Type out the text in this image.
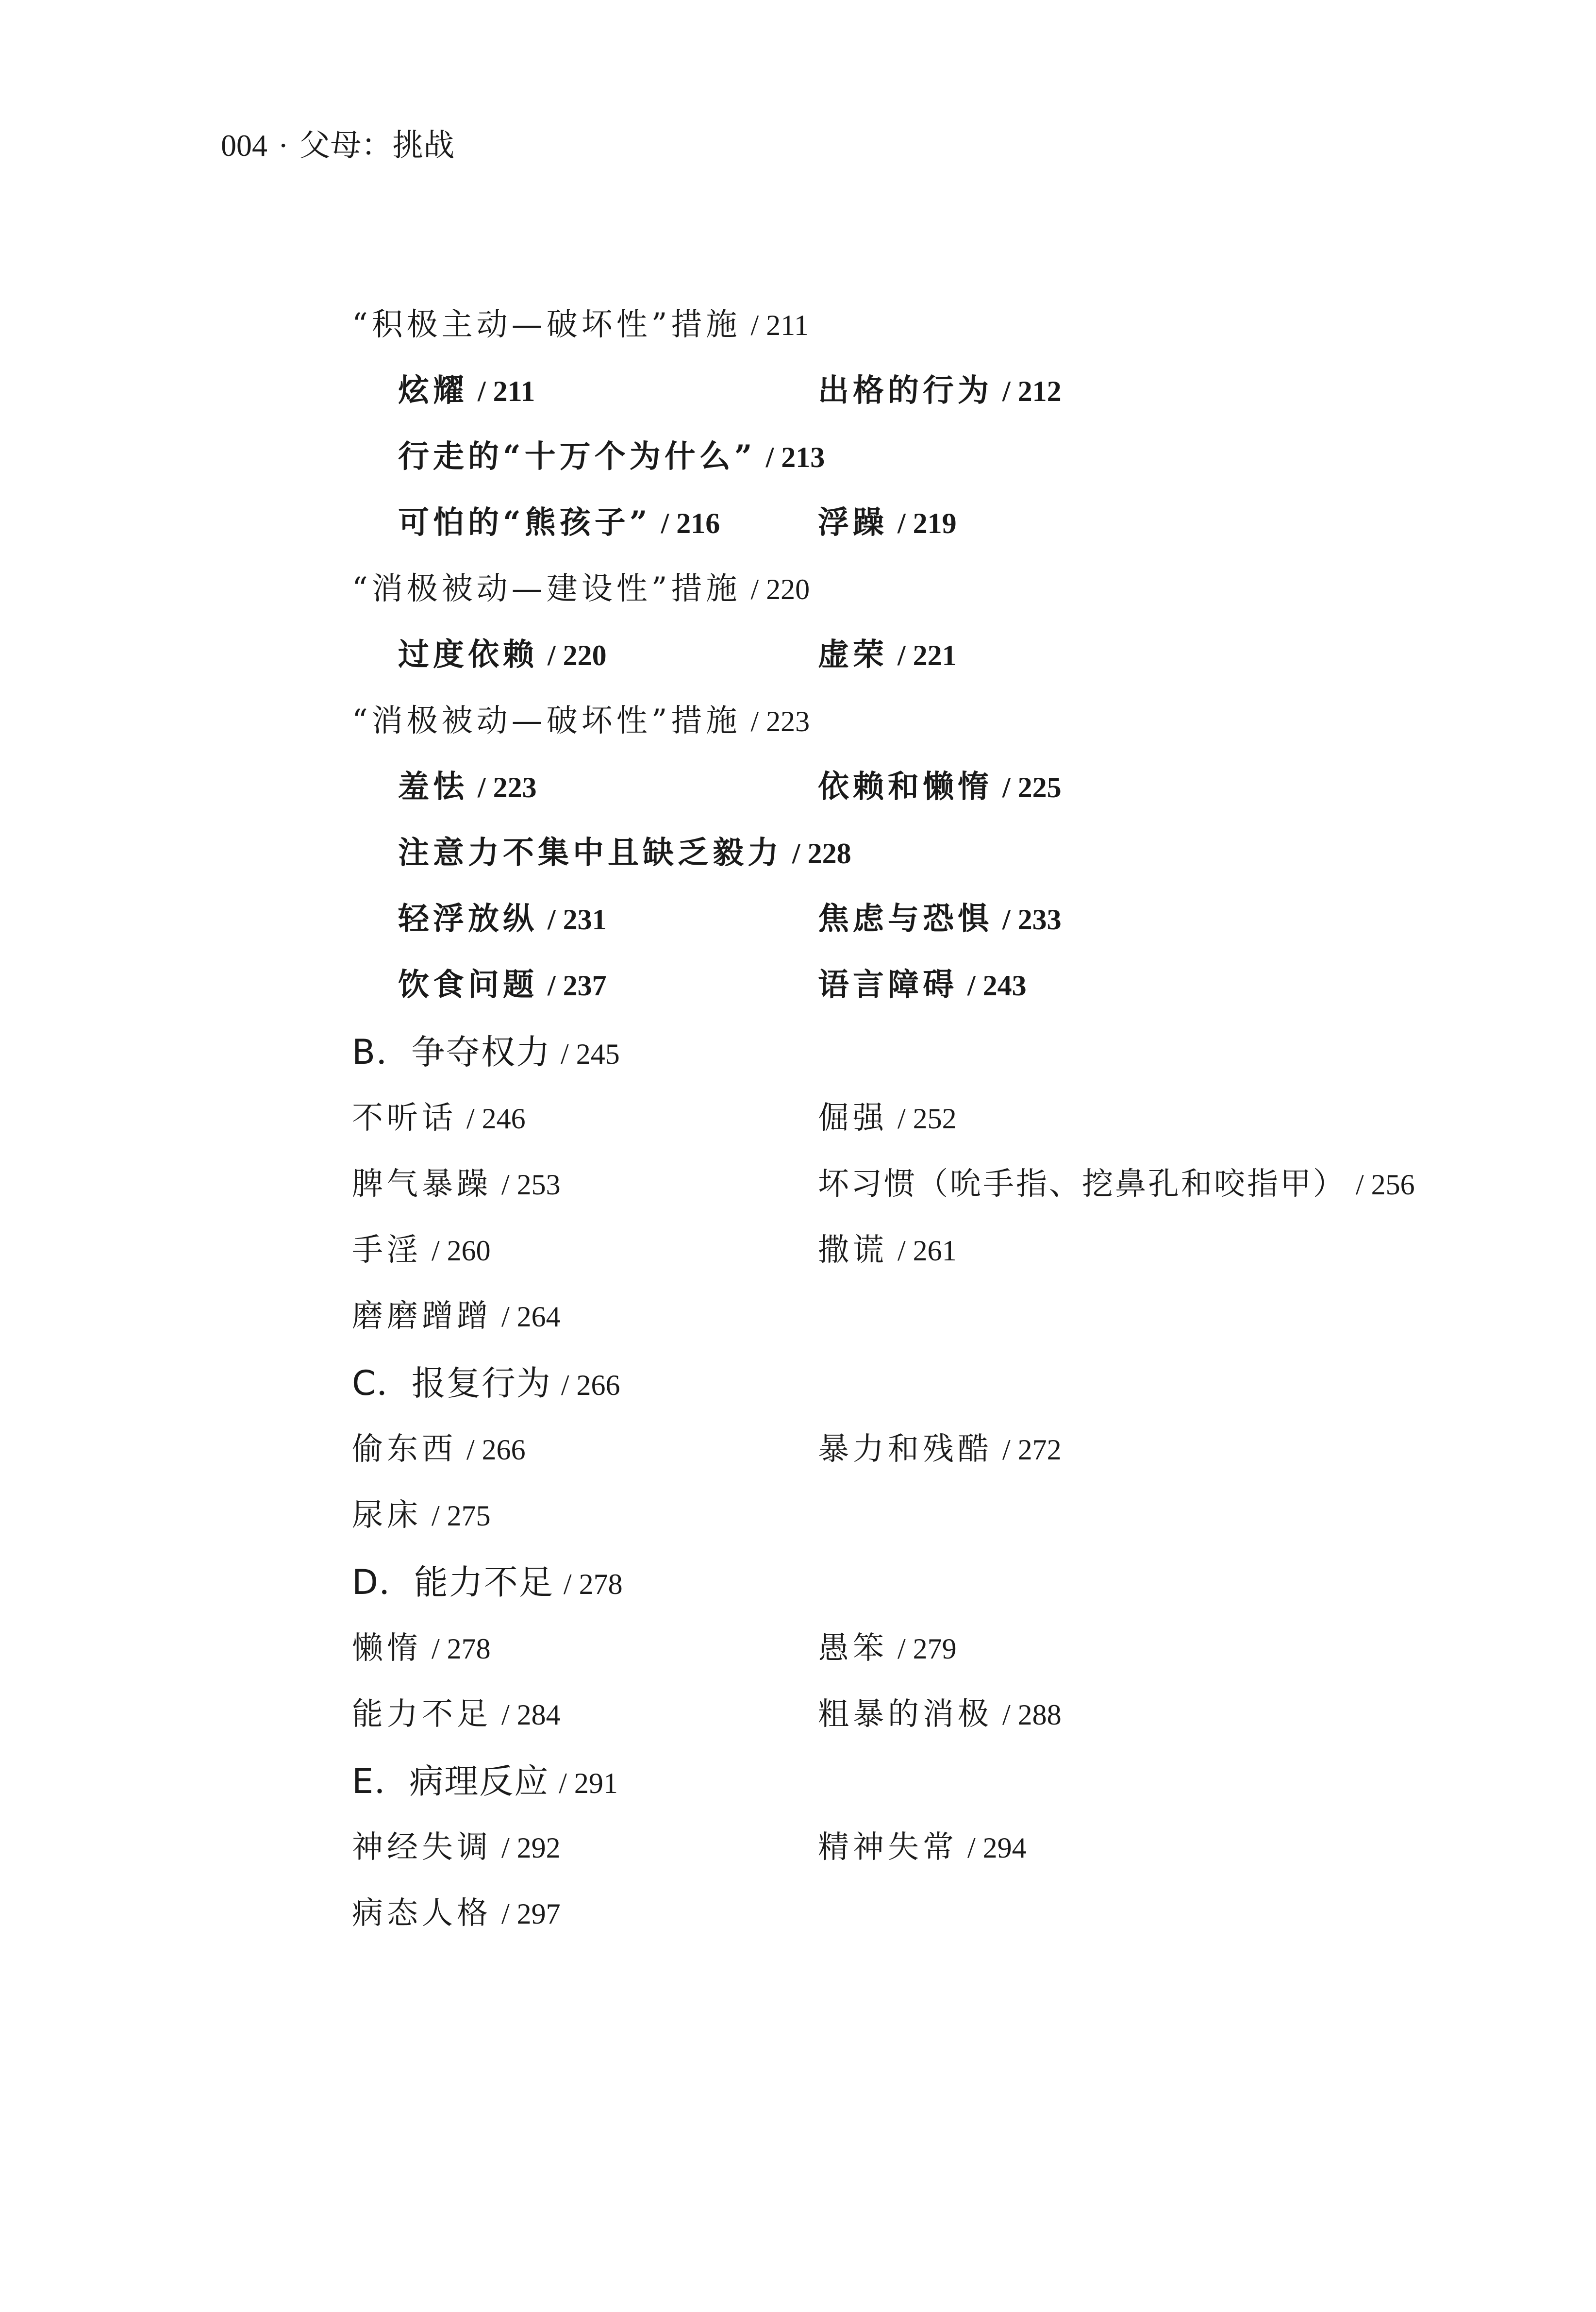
004 · 父母：挑战
“积极主动—破坏性”措施 / 211
炫耀 / 211	出格的行为 / 212
行走的“十万个为什么” / 213
可怕的“熊孩子” / 216	浮躁 / 219
“消极被动—建设性”措施 / 220
过度依赖 / 220	虚荣 / 221
“消极被动—破坏性”措施 / 223
羞怯 / 223	依赖和懒惰 / 225
注意力不集中且缺乏毅力 / 228
轻浮放纵 / 231	焦虑与恐惧 / 233
饮食问题 / 237	语言障碍 / 243
B．争夺权力 / 245
不听话 / 246	倔强 / 252
脾气暴躁 / 253	坏习惯（吮手指、挖鼻孔和咬指甲） / 256
手淫 / 260	撒谎 / 261
磨磨蹭蹭 / 264
C．报复行为 / 266
偷东西 / 266	暴力和残酷 / 272
尿床 / 275
D．能力不足 / 278
懒惰 / 278	愚笨 / 279
能力不足 / 284	粗暴的消极 / 288
E．病理反应 / 291
神经失调 / 292	精神失常 / 294
病态人格 / 297
